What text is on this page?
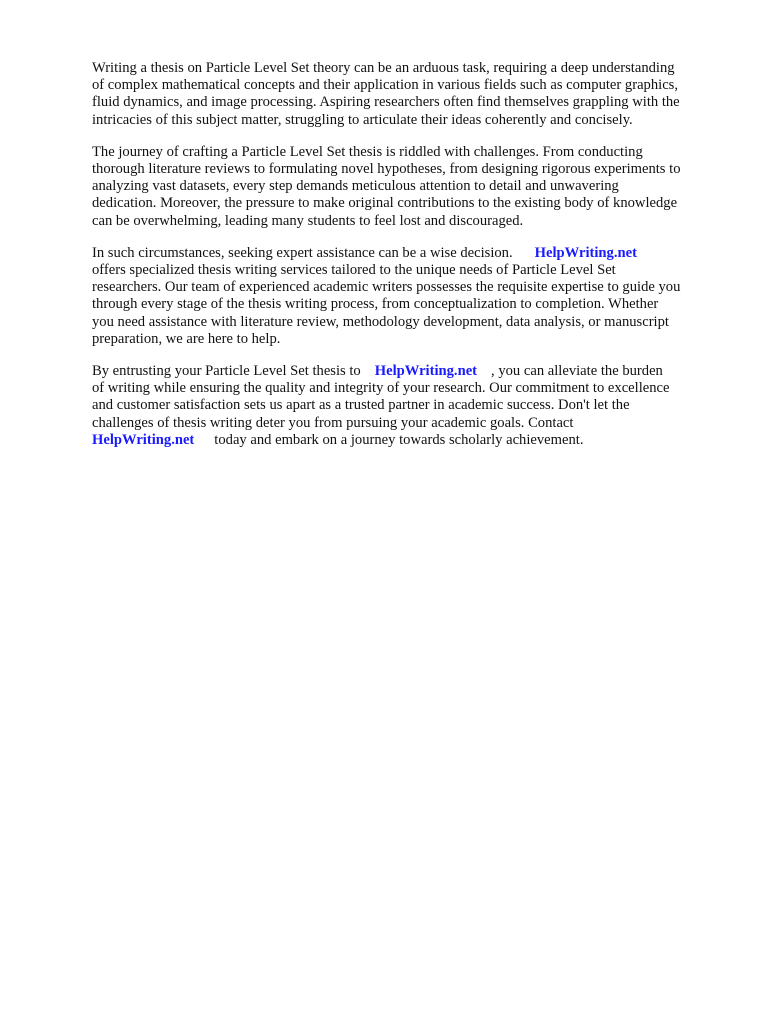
Writing a thesis on Particle Level Set theory can be an arduous task, requiring a deep understanding
of complex mathematical concepts and their application in various fields such as computer graphics,
fluid dynamics, and image processing. Aspiring researchers often find themselves grappling with the
intricacies of this subject matter, struggling to articulate their ideas coherently and concisely.

The journey of crafting a Particle Level Set thesis is riddled with challenges. From conducting
thorough literature reviews to formulating novel hypotheses, from designing rigorous experiments to
analyzing vast datasets, every step demands meticulous attention to detail and unwavering
dedication. Moreover, the pressure to make original contributions to the existing body of knowledge
can be overwhelming, leading many students to feel lost and discouraged.

In such circumstances, seeking expert assistance can be a wise decision. HelpWriting.net
offers specialized thesis writing services tailored to the unique needs of Particle Level Set
researchers. Our team of experienced academic writers possesses the requisite expertise to guide you
through every stage of the thesis writing process, from conceptualization to completion. Whether
you need assistance with literature review, methodology development, data analysis, or manuscript
preparation, we are here to help.

By entrusting your Particle Level Set thesis to HelpWriting.net , you can alleviate the burden
of writing while ensuring the quality and integrity of your research. Our commitment to excellence
and customer satisfaction sets us apart as a trusted partner in academic success. Don't let the
challenges of thesis writing deter you from pursuing your academic goals. Contact
HelpWriting.net today and embark on a journey towards scholarly achievement.
